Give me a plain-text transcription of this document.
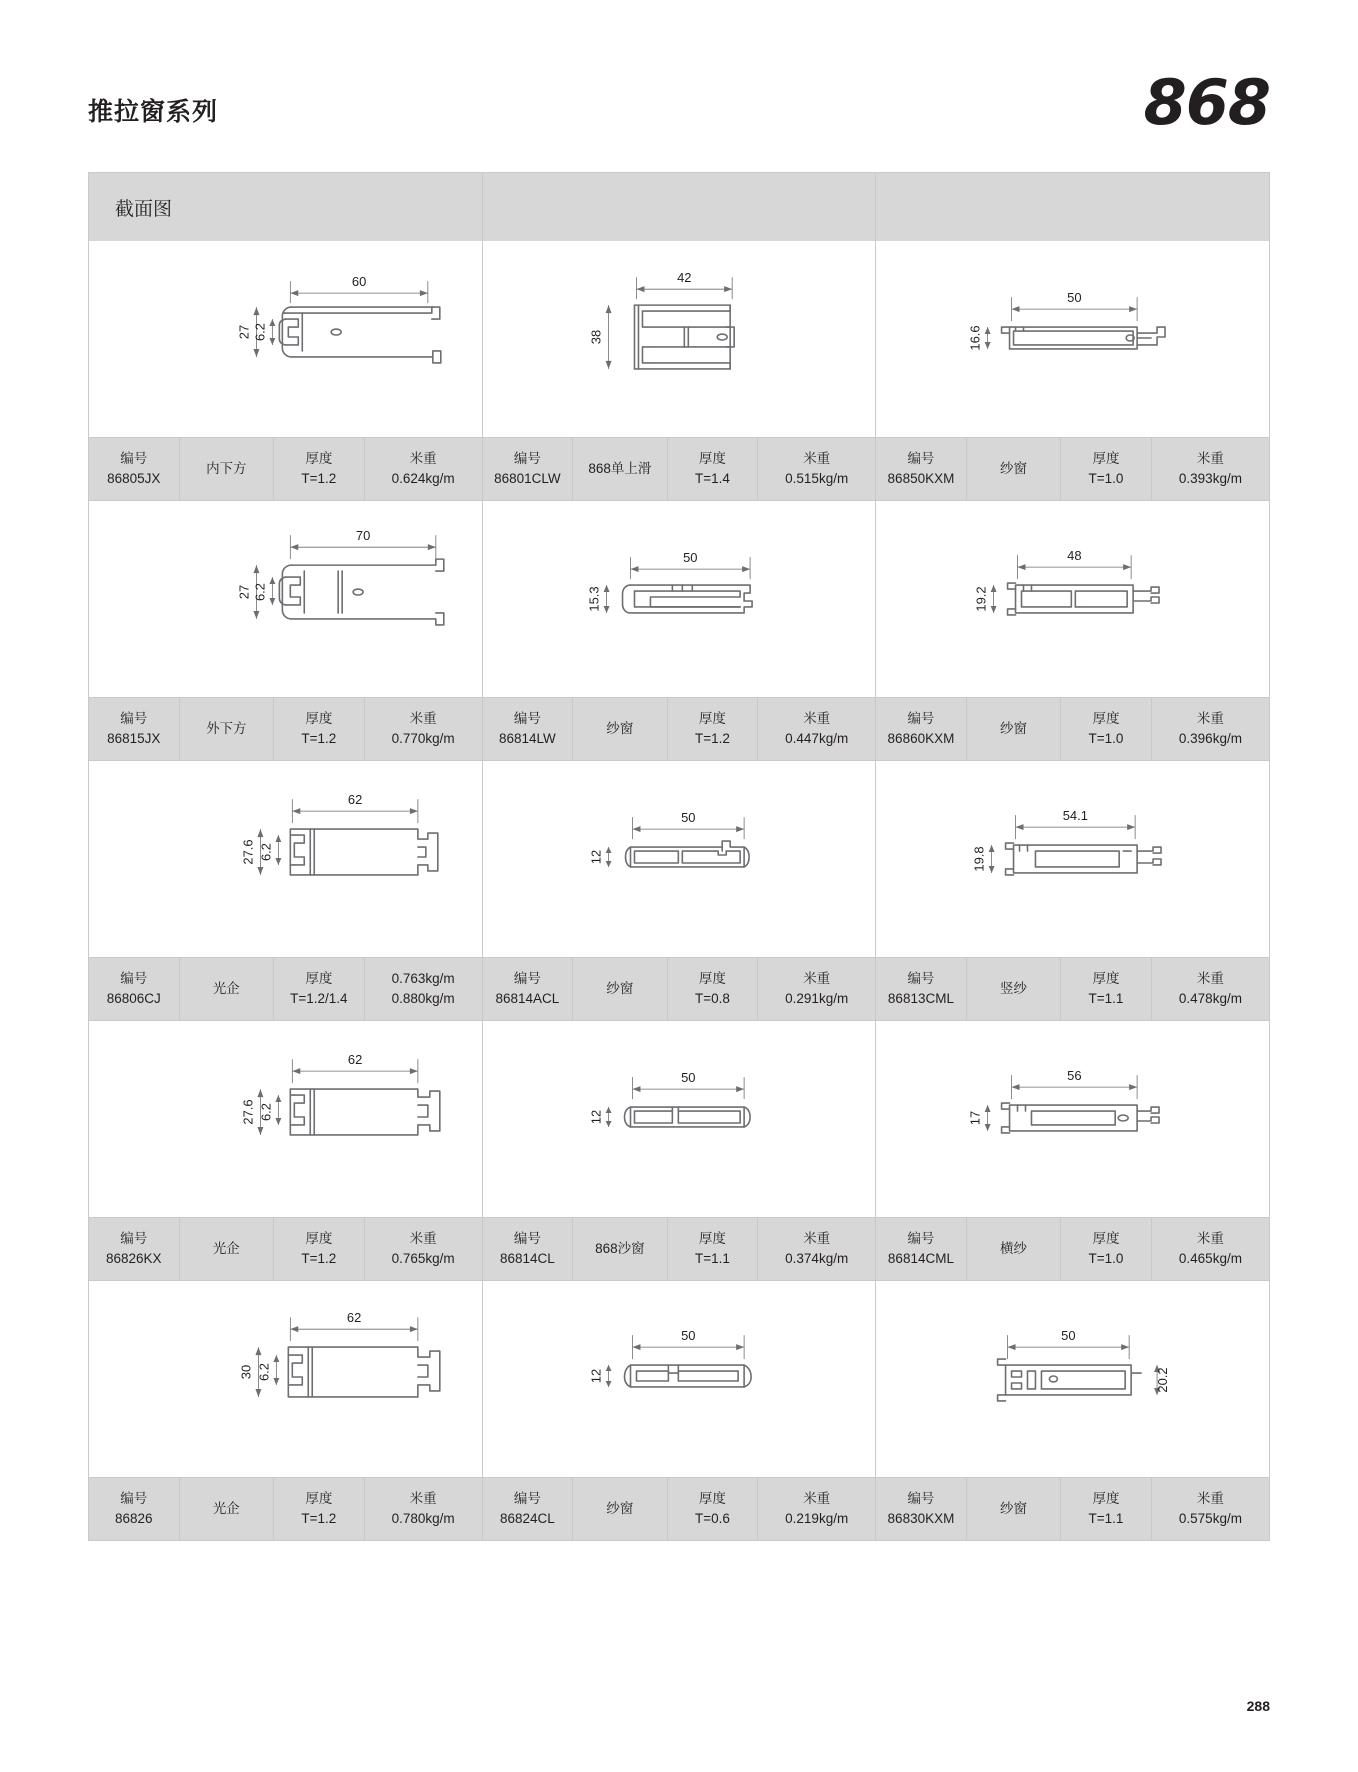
推拉窗系列	868
截面图
60
27 6.2
42
38
50
16.6
编号
86805JX
内下方
厚度
T=1.2
米重
0.624kg/m
编号
86801CLW
868单上滑
厚度
T=1.4
米重
0.515kg/m
编号
86850KXM
纱窗
厚度
T=1.0
米重
0.393kg/m
70
27 6.2
50
15.3
48
19.2
编号
86815JX
外下方
厚度
T=1.2
米重
0.770kg/m
编号
86814LW
纱窗
厚度
T=1.2
米重
0.447kg/m
编号
86860KXM
纱窗
厚度
T=1.0
米重
0.396kg/m
62
27.6 6.2
50
12
54.1
19.8
编号
86806CJ
光企
厚度
T=1.2/1.4
0.763kg/m
0.880kg/m
编号
86814ACL
纱窗
厚度
T=0.8
米重
0.291kg/m
编号
86813CML
竖纱
厚度
T=1.1
米重
0.478kg/m
62
27.6 6.2
50
12
56
17
编号
86826KX
光企
厚度
T=1.2
米重
0.765kg/m
编号
86814CL
868沙窗
厚度
T=1.1
米重
0.374kg/m
编号
86814CML
横纱
厚度
T=1.0
米重
0.465kg/m
62
30 6.2
50
12
50
20.2
编号
86826
光企
厚度
T=1.2
米重
0.780kg/m
编号
86824CL
纱窗
厚度
T=0.6
米重
0.219kg/m
编号
86830KXM
纱窗
厚度
T=1.1
米重
0.575kg/m
288
